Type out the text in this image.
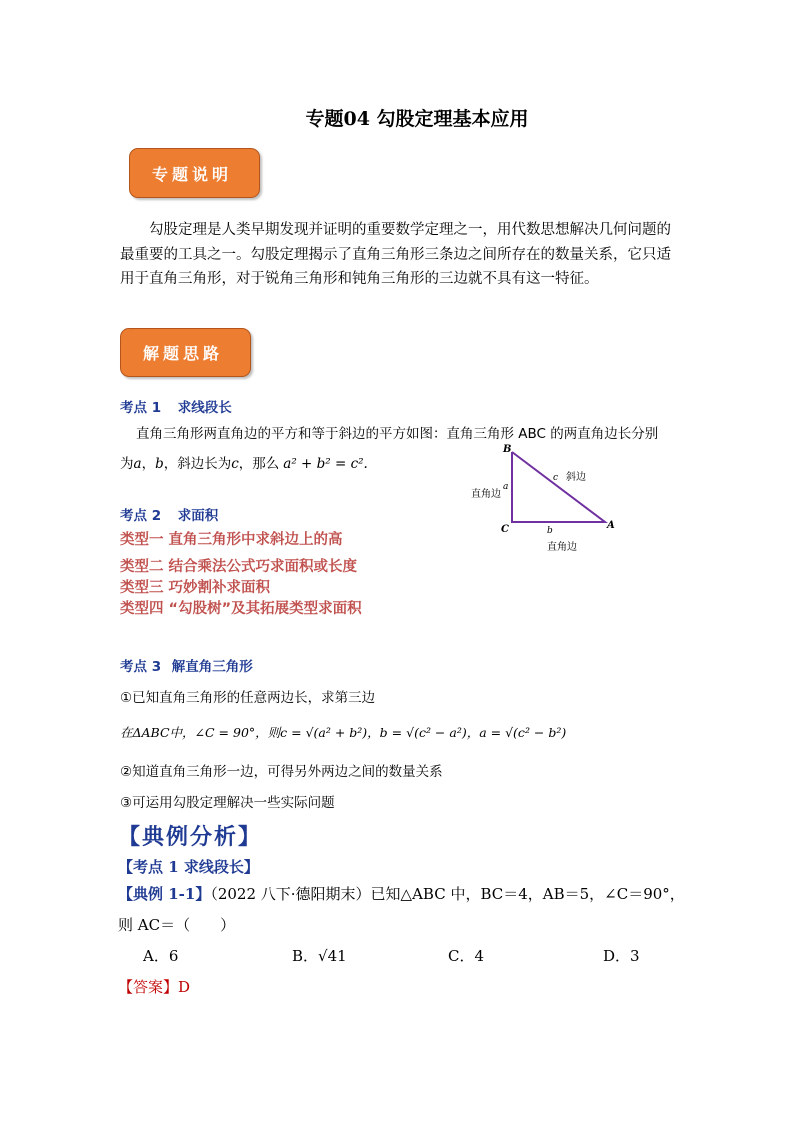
专题04 勾股定理基本应用
专题说明
勾股定理是人类早期发现并证明的重要数学定理之一，用代数思想解决几何问题的最重要的工具之一。勾股定理揭示了直角三角形三条边之间所存在的数量关系，它只适用于直角三角形，对于锐角三角形和钝角三角形的三边就不具有这一特征。
解题思路
考点 1 求线段长
直角三角形两直角边的平方和等于斜边的平方如图：直角三角形 ABC 的两直角边长分别
为a，b，斜边长为c，那么 a² + b² = c².
B
C	A
a
c
b
直角边
斜边
直角边
考点 2 求面积
类型一 直角三角形中求斜边上的高
类型二 结合乘法公式巧求面积或长度
类型三 巧妙割补求面积
类型四 “勾股树”及其拓展类型求面积
考点 3 解直角三角形
①已知直角三角形的任意两边长，求第三边
在ΔABC中，∠C = 90°，则c = √(a² + b²)，b = √(c² − a²)，a = √(c² − b²)
②知道直角三角形一边，可得另外两边之间的数量关系
③可运用勾股定理解决一些实际问题
【典例分析】
【考点 1 求线段长】
【典例 1-1】（2022 八下·德阳期末）已知△ABC 中，BC＝4，AB＝5，∠C＝90°，
则 AC＝（　　）
A．6	B．√41	C．4	D．3
【答案】D
